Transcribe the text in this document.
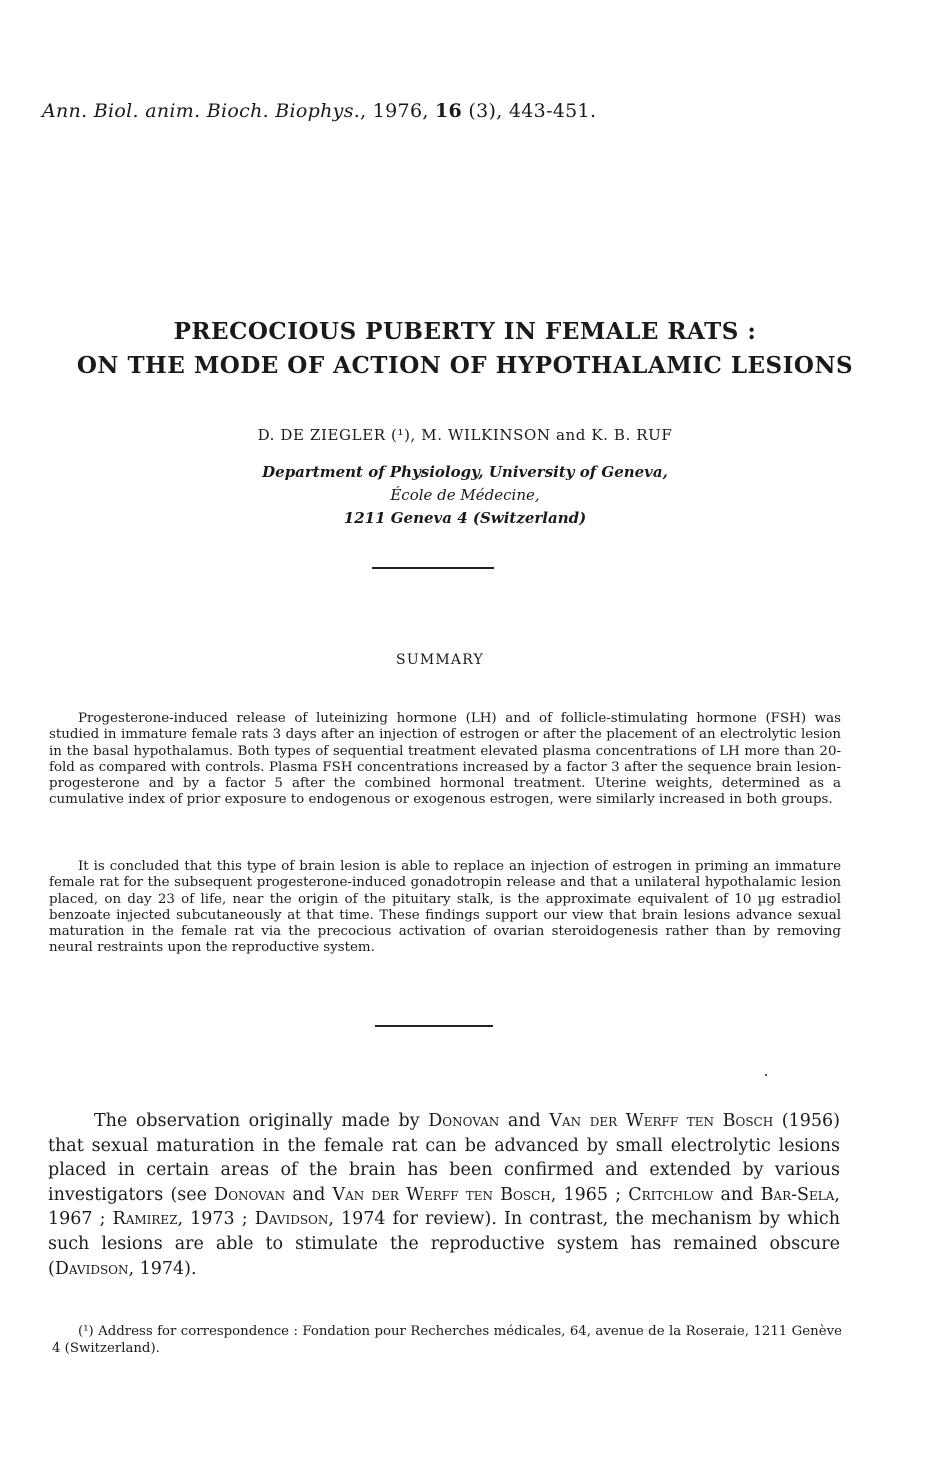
Ann. Biol. anim. Bioch. Biophys., 1976, 16 (3), 443-451.
PRECOCIOUS PUBERTY IN FEMALE RATS :
ON THE MODE OF ACTION OF HYPOTHALAMIC LESIONS
D. DE ZIEGLER (¹), M. WILKINSON and K. B. RUF
Department of Physiology, University of Geneva,
École de Médecine,
1211 Geneva 4 (Switzerland)
SUMMARY

Progesterone-induced release of luteinizing hormone (LH) and of follicle-stimulating hormone (FSH) was studied in immature female rats 3 days after an injection of estrogen or after the placement of an electrolytic lesion in the basal hypothalamus. Both types of sequential treatment elevated plasma concentrations of LH more than 20-fold as compared with controls. Plasma FSH concentrations increased by a factor 3 after the sequence brain lesion-progesterone and by a factor 5 after the combined hormonal treatment. Uterine weights, determined as a cumulative index of prior exposure to endogenous or exogenous estrogen, were similarly increased in both groups.

It is concluded that this type of brain lesion is able to replace an injection of estrogen in priming an immature female rat for the subsequent progesterone-induced gonadotropin release and that a unilateral hypothalamic lesion placed, on day 23 of life, near the origin of the pituitary stalk, is the approximate equivalent of 10 µg estradiol benzoate injected subcutaneously at that time. These findings support our view that brain lesions advance sexual maturation in the female rat via the precocious activation of ovarian steroidogenesis rather than by removing neural restraints upon the reproductive system.

The observation originally made by Donovan and Van der Werff ten Bosch (1956) that sexual maturation in the female rat can be advanced by small electrolytic lesions placed in certain areas of the brain has been confirmed and extended by various investigators (see Donovan and Van der Werff ten Bosch, 1965 ; Critchlow and Bar-Sela, 1967 ; Ramirez, 1973 ; Davidson, 1974 for review). In contrast, the mechanism by which such lesions are able to stimulate the reproductive system has remained obscure (Davidson, 1974).

(¹) Address for correspondence : Fondation pour Recherches médicales, 64, avenue de la Roseraie, 1211 Genève 4 (Switzerland).
